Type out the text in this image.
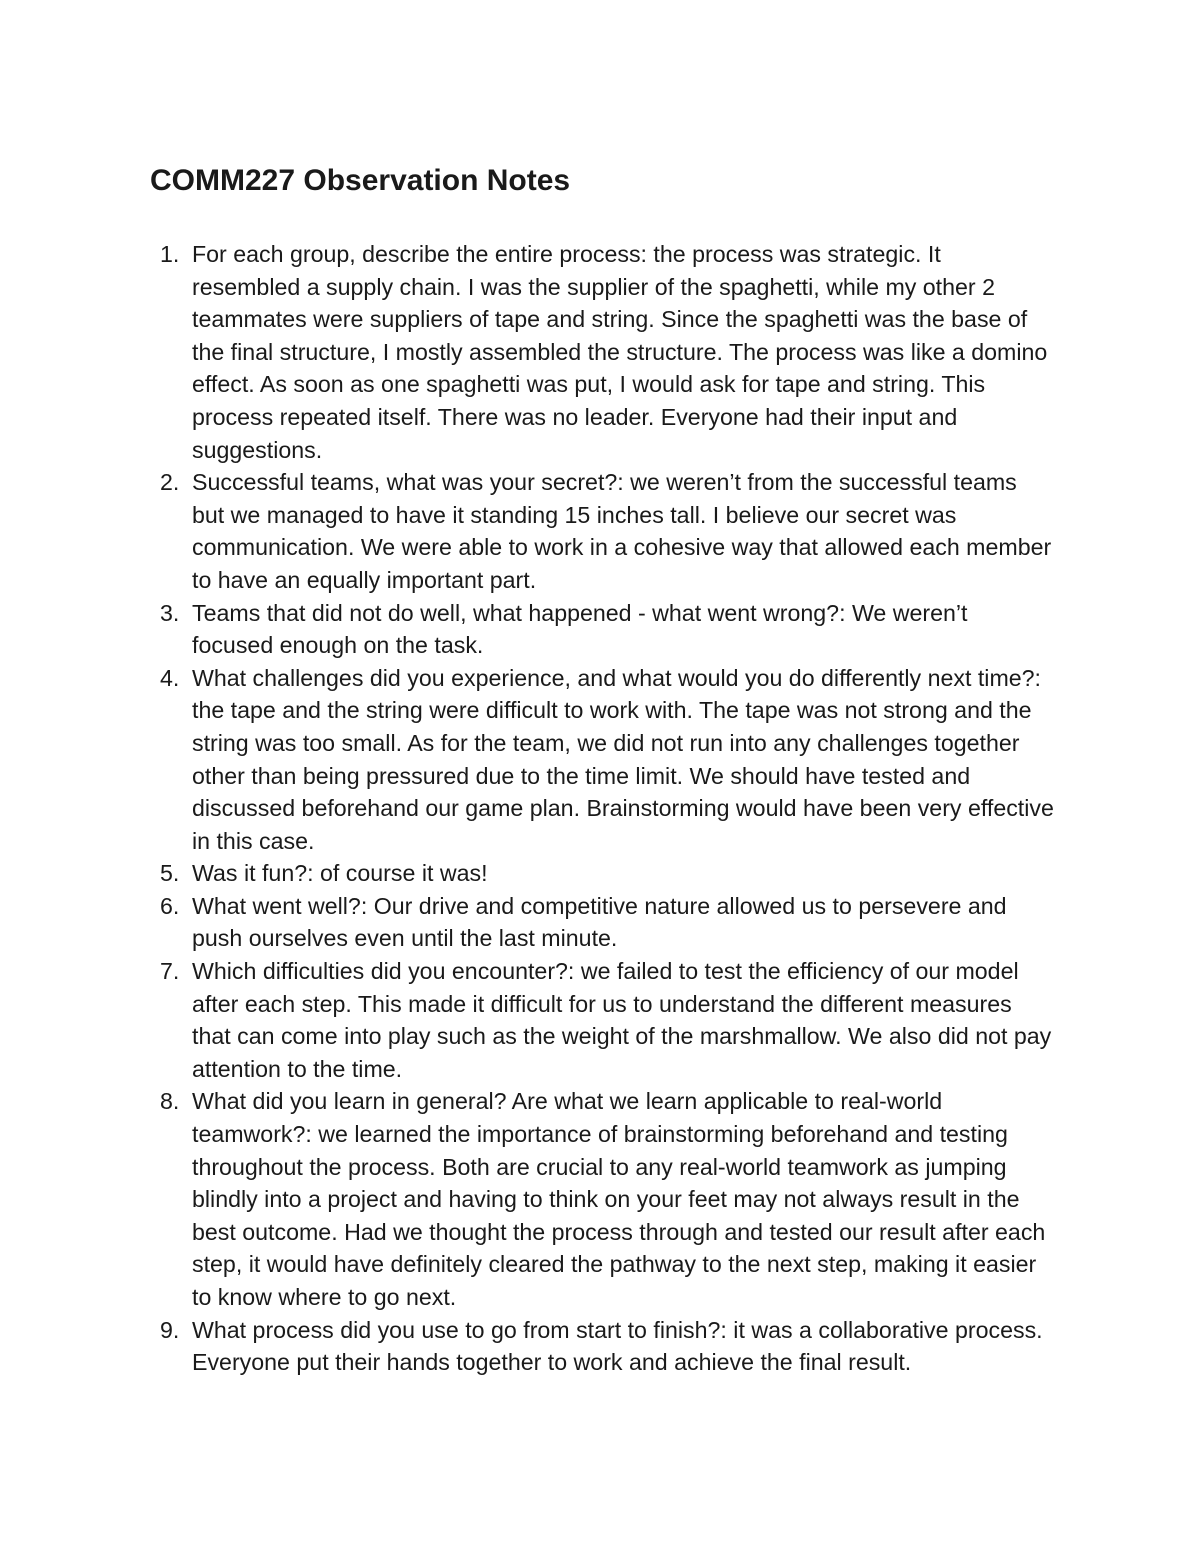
COMM227 Observation Notes
1. For each group, describe the entire process: the process was strategic. It resembled a supply chain. I was the supplier of the spaghetti, while my other 2 teammates were suppliers of tape and string. Since the spaghetti was the base of the final structure, I mostly assembled the structure. The process was like a domino effect. As soon as one spaghetti was put, I would ask for tape and string. This process repeated itself. There was no leader. Everyone had their input and suggestions.
2. Successful teams, what was your secret?: we weren’t from the successful teams but we managed to have it standing 15 inches tall. I believe our secret was communication. We were able to work in a cohesive way that allowed each member to have an equally important part.
3. Teams that did not do well, what happened - what went wrong?: We weren’t focused enough on the task.
4. What challenges did you experience, and what would you do differently next time?: the tape and the string were difficult to work with. The tape was not strong and the string was too small. As for the team, we did not run into any challenges together other than being pressured due to the time limit. We should have tested and discussed beforehand our game plan. Brainstorming would have been very effective in this case.
5. Was it fun?: of course it was!
6. What went well?: Our drive and competitive nature allowed us to persevere and push ourselves even until the last minute.
7. Which difficulties did you encounter?: we failed to test the efficiency of our model after each step. This made it difficult for us to understand the different measures that can come into play such as the weight of the marshmallow. We also did not pay attention to the time.
8. What did you learn in general? Are what we learn applicable to real-world teamwork?: we learned the importance of brainstorming beforehand and testing throughout the process. Both are crucial to any real-world teamwork as jumping blindly into a project and having to think on your feet may not always result in the best outcome. Had we thought the process through and tested our result after each step, it would have definitely cleared the pathway to the next step, making it easier to know where to go next.
9. What process did you use to go from start to finish?: it was a collaborative process. Everyone put their hands together to work and achieve the final result.
